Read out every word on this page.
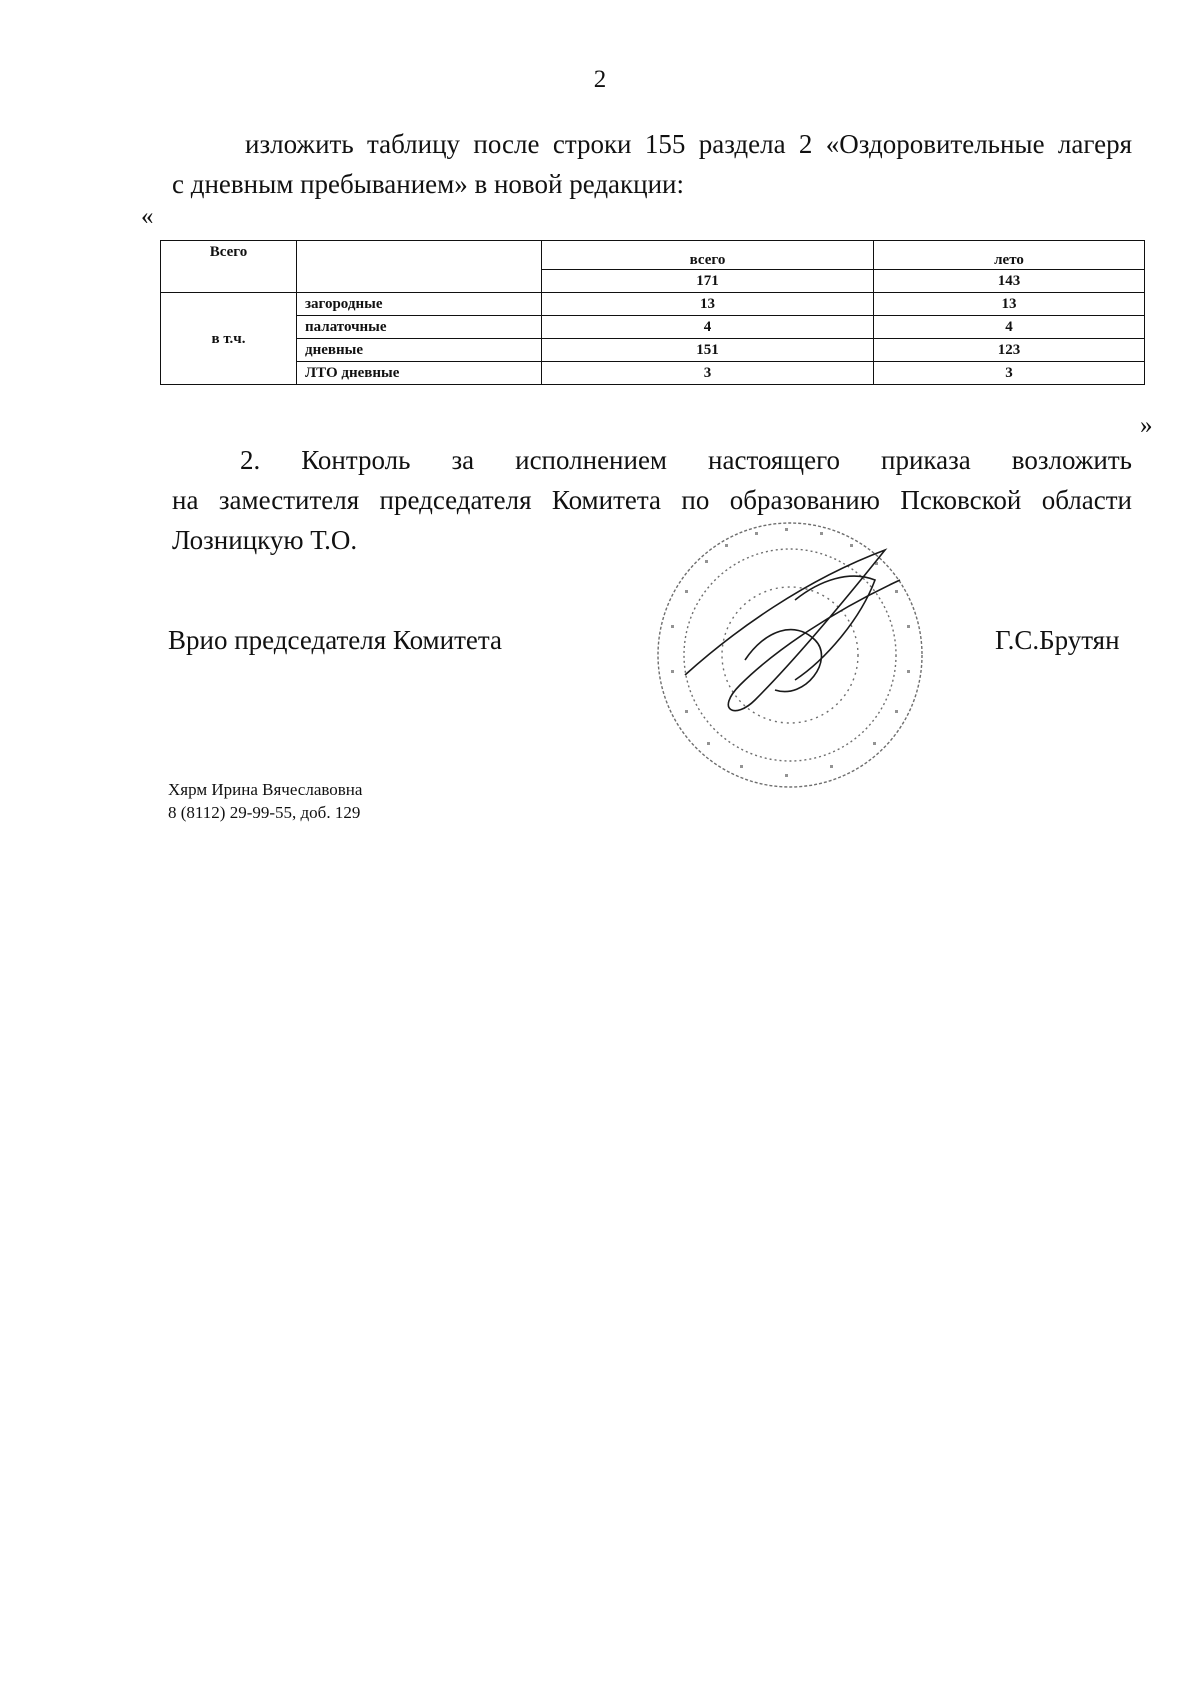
2
изложить таблицу после строки 155 раздела 2 «Оздоровительные лагеря
с дневным пребыванием» в новой редакции:
«
Всего		всего	лето
		171	143
в т.ч.	загородные	13	13
	палаточные	4	4
	дневные	151	123
	ЛТО дневные	3	3
»
2. Контроль за исполнением настоящего приказа возложить
на заместителя председателя Комитета по образованию Псковской области
Лозницкую Т.О.
Врио председателя Комитета	Г.С.Брутян
Хярм Ирина Вячеславовна
8 (8112) 29-99-55, доб. 129
